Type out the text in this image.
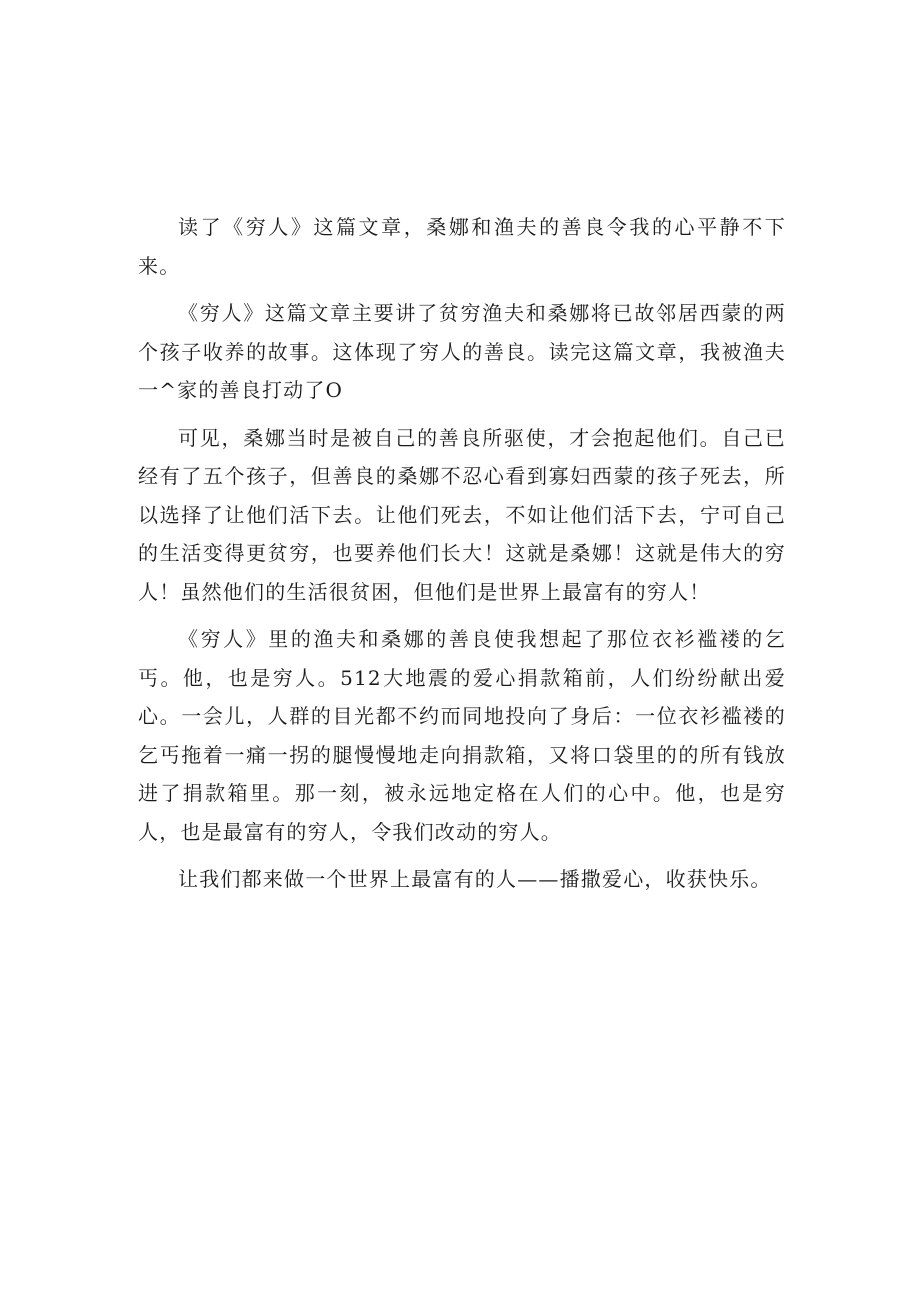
读了《穷人》这篇文章，桑娜和渔夫的善良令我的心平静不下来。

《穷人》这篇文章主要讲了贫穷渔夫和桑娜将已故邻居西蒙的两个孩子收养的故事。这体现了穷人的善良。读完这篇文章，我被渔夫一^家的善良打动了O

可见，桑娜当时是被自己的善良所驱使，才会抱起他们。自己已经有了五个孩子，但善良的桑娜不忍心看到寡妇西蒙的孩子死去，所以选择了让他们活下去。让他们死去，不如让他们活下去，宁可自己的生活变得更贫穷，也要养他们长大！这就是桑娜！这就是伟大的穷人！虽然他们的生活很贫困，但他们是世界上最富有的穷人！

《穷人》里的渔夫和桑娜的善良使我想起了那位衣衫褴褛的乞丐。他，也是穷人。512大地震的爱心捐款箱前，人们纷纷献出爱心。一会儿，人群的目光都不约而同地投向了身后：一位衣衫褴褛的乞丐拖着一痛一拐的腿慢慢地走向捐款箱，又将口袋里的的所有钱放进了捐款箱里。那一刻，被永远地定格在人们的心中。他，也是穷人，也是最富有的穷人，令我们改动的穷人。

让我们都来做一个世界上最富有的人——播撒爱心，收获快乐。
